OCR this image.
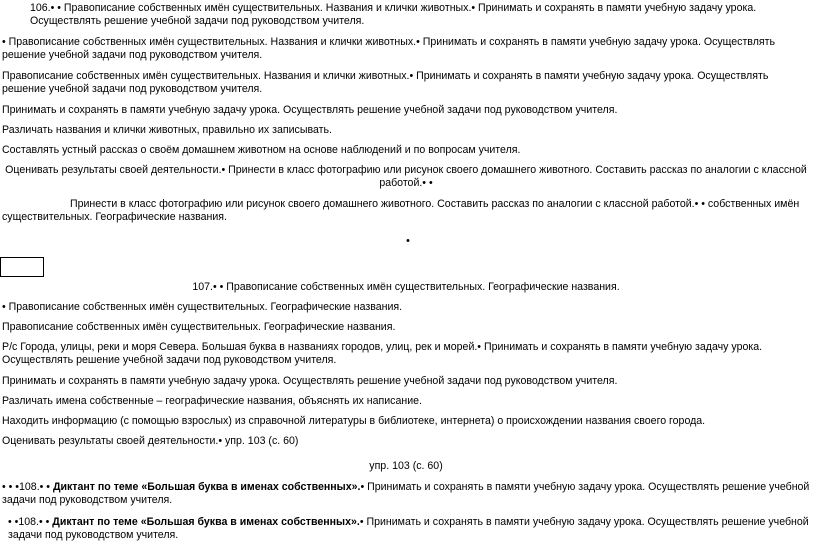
106.• • Правописание собственных имён существительных. Названия и клички животных.• Принимать и сохранять в памяти учебную задачу урока. Осуществлять решение учебной задачи под руководством учителя.
• Правописание собственных имён существительных. Названия и клички животных.• Принимать и сохранять в памяти учебную задачу урока. Осуществлять решение учебной задачи под руководством учителя.
Правописание собственных имён существительных. Названия и клички животных.• Принимать и сохранять в памяти учебную задачу урока. Осуществлять решение учебной задачи под руководством учителя.
Принимать и сохранять в памяти учебную задачу урока. Осуществлять решение учебной задачи под руководством учителя.
Различать названия и клички животных, правильно их записывать.
Составлять устный рассказ о своём домашнем животном на основе наблюдений и по вопросам учителя.
Оценивать результаты своей деятельности.• Принести в класс фотографию или рисунок своего домашнего животного. Составить рассказ по аналогии с классной работой.• •
Принести в класс фотографию или рисунок своего домашнего животного. Составить рассказ по аналогии с классной работой.• • собственных имён существительных. Географические названия.
•
107.• • Правописание собственных имён существительных. Географические названия.
• Правописание собственных имён существительных. Географические названия.
Правописание собственных имён существительных. Географические названия.
Р/с Города, улицы, реки и моря Севера. Большая буква в названиях городов, улиц, рек и морей.• Принимать и сохранять в памяти учебную задачу урока. Осуществлять решение учебной задачи под руководством учителя.
Принимать и сохранять в памяти учебную задачу урока. Осуществлять решение учебной задачи под руководством учителя.
Различать имена собственные – географические названия, объяснять их написание.
Находить информацию (с помощью взрослых) из справочной литературы в библиотеке, интернета) о происхождении названия своего города.
Оценивать результаты своей деятельности.• упр. 103 (с. 60)
упр. 103 (с. 60)
• • •108.• • Диктант по теме «Большая буква в именах собственных».• Принимать и сохранять в памяти учебную задачу урока. Осуществлять решение учебной задачи под руководством учителя.
• •108.• • Диктант по теме «Большая буква в именах собственных».• Принимать и сохранять в памяти учебную задачу урока. Осуществлять решение учебной задачи под руководством учителя.
